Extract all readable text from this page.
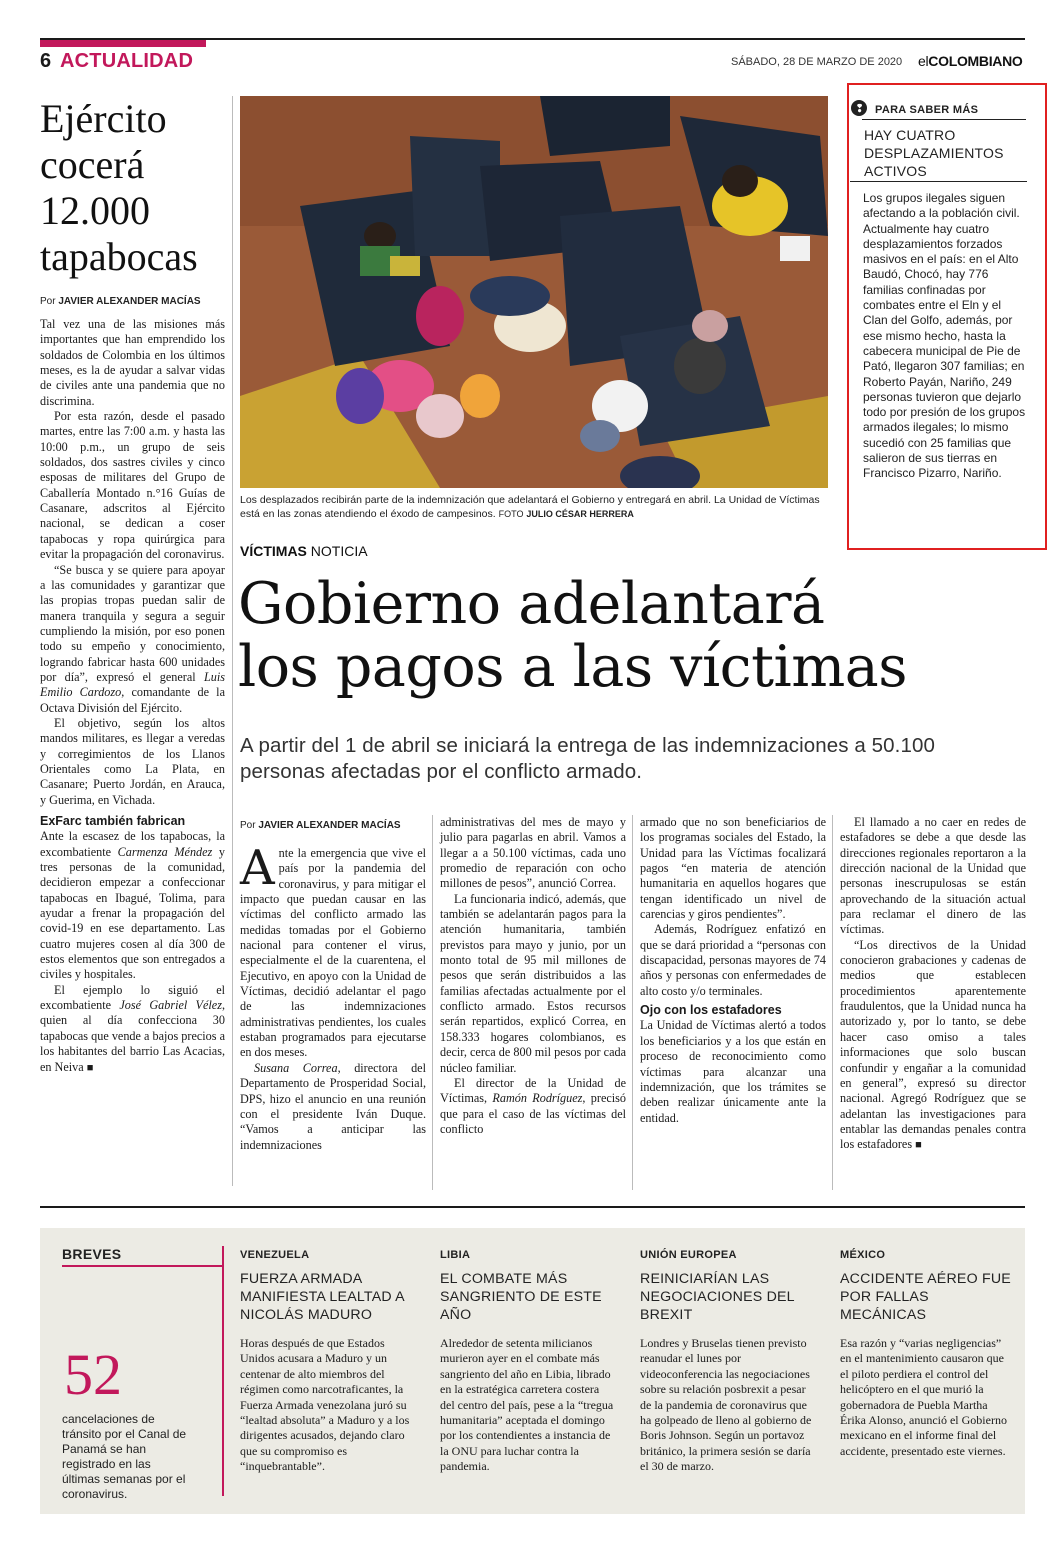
6 ACTUALIDAD	SÁBADO, 28 DE MARZO DE 2020 elCOLOMBIANO
Ejército cocerá 12.000 tapabocas
Por JAVIER ALEXANDER MACÍAS

Tal vez una de las misiones más importantes que han emprendido los soldados de Colombia en los últimos meses, es la de ayudar a salvar vidas de civiles ante una pandemia que no discrimina.

Por esta razón, desde el pasado martes, entre las 7:00 a.m. y hasta las 10:00 p.m., un grupo de seis soldados, dos sastres civiles y cinco esposas de militares del Grupo de Caballería Montado n.°16 Guías de Casanare, adscritos al Ejército nacional, se dedican a coser tapabocas y ropa quirúrgica para evitar la propagación del coronavirus.

“Se busca y se quiere para apoyar a las comunidades y garantizar que las propias tropas puedan salir de manera tranquila y segura a seguir cumpliendo la misión, por eso ponen todo su empeño y conocimiento, logrando fabricar hasta 600 unidades por día”, expresó el general Luis Emilio Cardozo, comandante de la Octava División del Ejército.

El objetivo, según los altos mandos militares, es llegar a veredas y corregimientos de los Llanos Orientales como La Plata, en Casanare; Puerto Jordán, en Arauca, y Guerima, en Vichada.

ExFarc también fabrican

Ante la escasez de los tapabocas, la excombatiente Carmenza Méndez y tres personas de la comunidad, decidieron empezar a confeccionar tapabocas en Ibagué, Tolima, para ayudar a frenar la propagación del covid-19 en ese departamento. Las cuatro mujeres cosen al día 300 de estos elementos que son entregados a civiles y hospitales.

El ejemplo lo siguió el excombatiente José Gabriel Vélez, quien al día confecciona 30 tapabocas que vende a bajos precios a los habitantes del barrio Las Acacias, en Neiva ■

Los desplazados recibirán parte de la indemnización que adelantará el Gobierno y entregará en abril. La Unidad de Víctimas está en las zonas atendiendo el éxodo de campesinos. FOTO JULIO CÉSAR HERRERA
❢ PARA SABER MÁS
HAY CUATRO DESPLAZAMIENTOS ACTIVOS
Los grupos ilegales siguen afectando a la población civil. Actualmente hay cuatro desplazamientos forzados masivos en el país: en el Alto Baudó, Chocó, hay 776 familias confinadas por combates entre el Eln y el Clan del Golfo, además, por ese mismo hecho, hasta la cabecera municipal de Pie de Pató, llegaron 307 familias; en Roberto Payán, Nariño, 249 personas tuvieron que dejarlo todo por presión de los grupos armados ilegales; lo mismo sucedió con 25 familias que salieron de sus tierras en Francisco Pizarro, Nariño.
VÍCTIMAS NOTICIA
Gobierno adelantará
los pagos a las víctimas
A partir del 1 de abril se iniciará la entrega de las indemnizaciones a 50.100 personas afectadas por el conflicto armado.
Por JAVIER ALEXANDER MACÍAS

Ante la emergencia que vive el país por la pandemia del coronavirus, y para mitigar el impacto que puedan causar en las víctimas del conflicto armado las medidas tomadas por el Gobierno nacional para contener el virus, especialmente el de la cuarentena, el Ejecutivo, en apoyo con la Unidad de Víctimas, decidió adelantar el pago de las indemnizaciones administrativas pendientes, los cuales estaban programados para ejecutarse en dos meses.

Susana Correa, directora del Departamento de Prosperidad Social, DPS, hizo el anuncio en una reunión con el presidente Iván Duque. “Vamos a anticipar las indemnizaciones

administrativas del mes de mayo y julio para pagarlas en abril. Vamos a llegar a a 50.100 víctimas, cada uno promedio de reparación con ocho millones de pesos”, anunció Correa.

La funcionaria indicó, además, que también se adelantarán pagos para la atención humanitaria, también previstos para mayo y junio, por un monto total de 95 mil millones de pesos que serán distribuidos a las familias afectadas actualmente por el conflicto armado. Estos recursos serán repartidos, explicó Correa, en 158.333 hogares colombianos, es decir, cerca de 800 mil pesos por cada núcleo familiar.

El director de la Unidad de Víctimas, Ramón Rodríguez, precisó que para el caso de las víctimas del conflicto

armado que no son beneficiarios de los programas sociales del Estado, la Unidad para las Víctimas focalizará pagos “en materia de atención humanitaria en aquellos hogares que tengan identificado un nivel de carencias y giros pendientes”.

Además, Rodríguez enfatizó en que se dará prioridad a “personas con discapacidad, personas mayores de 74 años y personas con enfermedades de alto costo y/o terminales.

Ojo con los estafadores

La Unidad de Víctimas alertó a todos los beneficiarios y a los que están en proceso de reconocimiento como víctimas para alcanzar una indemnización, que los trámites se deben realizar únicamente ante la entidad.

El llamado a no caer en redes de estafadores se debe a que desde las direcciones regionales reportaron a la dirección nacional de la Unidad que personas inescrupulosas se están aprovechando de la situación actual para reclamar el dinero de las víctimas.

“Los directivos de la Unidad conocieron grabaciones y cadenas de medios que establecen procedimientos aparentemente fraudulentos, que la Unidad nunca ha autorizado y, por lo tanto, se debe hacer caso omiso a tales informaciones que solo buscan confundir y engañar a la comunidad en general”, expresó su director nacional. Agregó Rodríguez que se adelantan las investigaciones para entablar las demandas penales contra los estafadores ■

BREVES
52
cancelaciones de tránsito por el Canal de Panamá se han registrado en las últimas semanas por el coronavirus.
VENEZUELA
FUERZA ARMADA MANIFIESTA LEALTAD A NICOLÁS MADURO
Horas después de que Estados Unidos acusara a Maduro y un centenar de alto miembros del régimen como narcotraficantes, la Fuerza Armada venezolana juró su “lealtad absoluta” a Maduro y a los dirigentes acusados, dejando claro que su compromiso es “inquebrantable”.
LIBIA
EL COMBATE MÁS SANGRIENTO DE ESTE AÑO
Alrededor de setenta milicianos murieron ayer en el combate más sangriento del año en Libia, librado en la estratégica carretera costera del centro del país, pese a la “tregua humanitaria” aceptada el domingo por los contendientes a instancia de la ONU para luchar contra la pandemia.
UNIÓN EUROPEA
REINICIARÍAN LAS NEGOCIACIONES DEL BREXIT
Londres y Bruselas tienen previsto reanudar el lunes por videoconferencia las negociaciones sobre su relación posbrexit a pesar de la pandemia de coronavirus que ha golpeado de lleno al gobierno de Boris Johnson. Según un portavoz británico, la primera sesión se daría el 30 de marzo.
MÉXICO
ACCIDENTE AÉREO FUE POR FALLAS MECÁNICAS
Esa razón y “varias negligencias” en el mantenimiento causaron que el piloto perdiera el control del helicóptero en el que murió la gobernadora de Puebla Martha Érika Alonso, anunció el Gobierno mexicano en el informe final del accidente, presentado este viernes.
